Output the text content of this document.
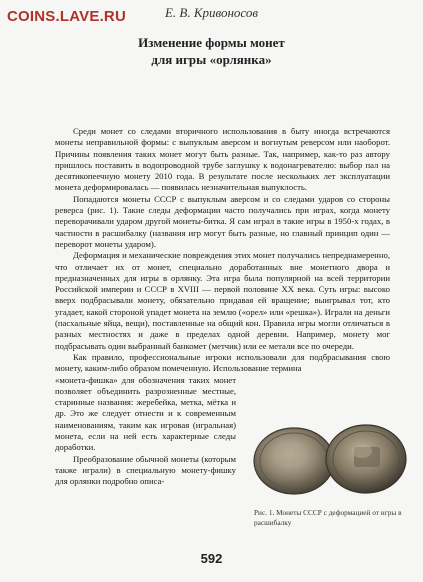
COINS.LAVE.RU	Е. В. Кривоносов
Изменение формы монет
для игры «орлянка»

Среди монет со следами вторичного использования в быту иногда встречаются монеты неправильной формы: с выпуклым аверсом и вогнутым реверсом или наоборот. Причины появления таких монет могут быть разные. Так, например, как-то раз автору пришлось поставить в водопроводной трубе заглушку к водонагревателю: выбор пал на десятикопеечную монету 2010 года. В результате после нескольких лет эксплуатации монета деформировалась — появилась незначительная выпуклость.

Попадаются монеты СССР с выпуклым аверсом и со следами ударов со стороны реверса (рис. 1). Такие следы деформации часто получались при играх, когда монету переворачивали ударом другой монеты-битка. Я сам играл в такие игры в 1950-х годах, в частности в расшибалку (названия игр могут быть разные, но главный принцип один — переворот монеты ударом).

Деформация и механические повреждения этих монет получались непреднамеренно, что отличает их от монет, специально доработанных вне монетного двора и предназначенных для игры в орлянку. Эта игра была популярной на всей территории Российской империи и СССР в XVIII — первой половине XX века. Суть игры: высоко вверх подбрасывали монету, обязательно придавая ей вращение; выигрывал тот, кто угадает, какой стороной упадет монета на землю («орел» или «решка»). Играли на деньги (пасхальные яйца, вещи), поставленные на общий кон. Правила игры могли отличаться в разных местностях и даже в пределах одной деревни. Например, монету мог подбрасывать один выбранный банкомет (метчик) или ее метали все по очереди.

Как правило, профессиональные игроки использовали для подбрасывания свою монету, каким-либо образом помеченную. Использование термина

«монета-фишка» для обозначения таких монет позволяет объединить разрозненные местные, старинные названия: жеребейка, метка, мётка и др. Это же следует отнести и к современным наименованиям, таким как игровая (игральная) монета, если на ней есть характерные следы доработки.

Преобразование обычной монеты (которым также играли) в специальную монету-фишку для орлянки подробно описа-

Рис. 1. Монеты СССР с деформацией от игры в расшибалку
592
